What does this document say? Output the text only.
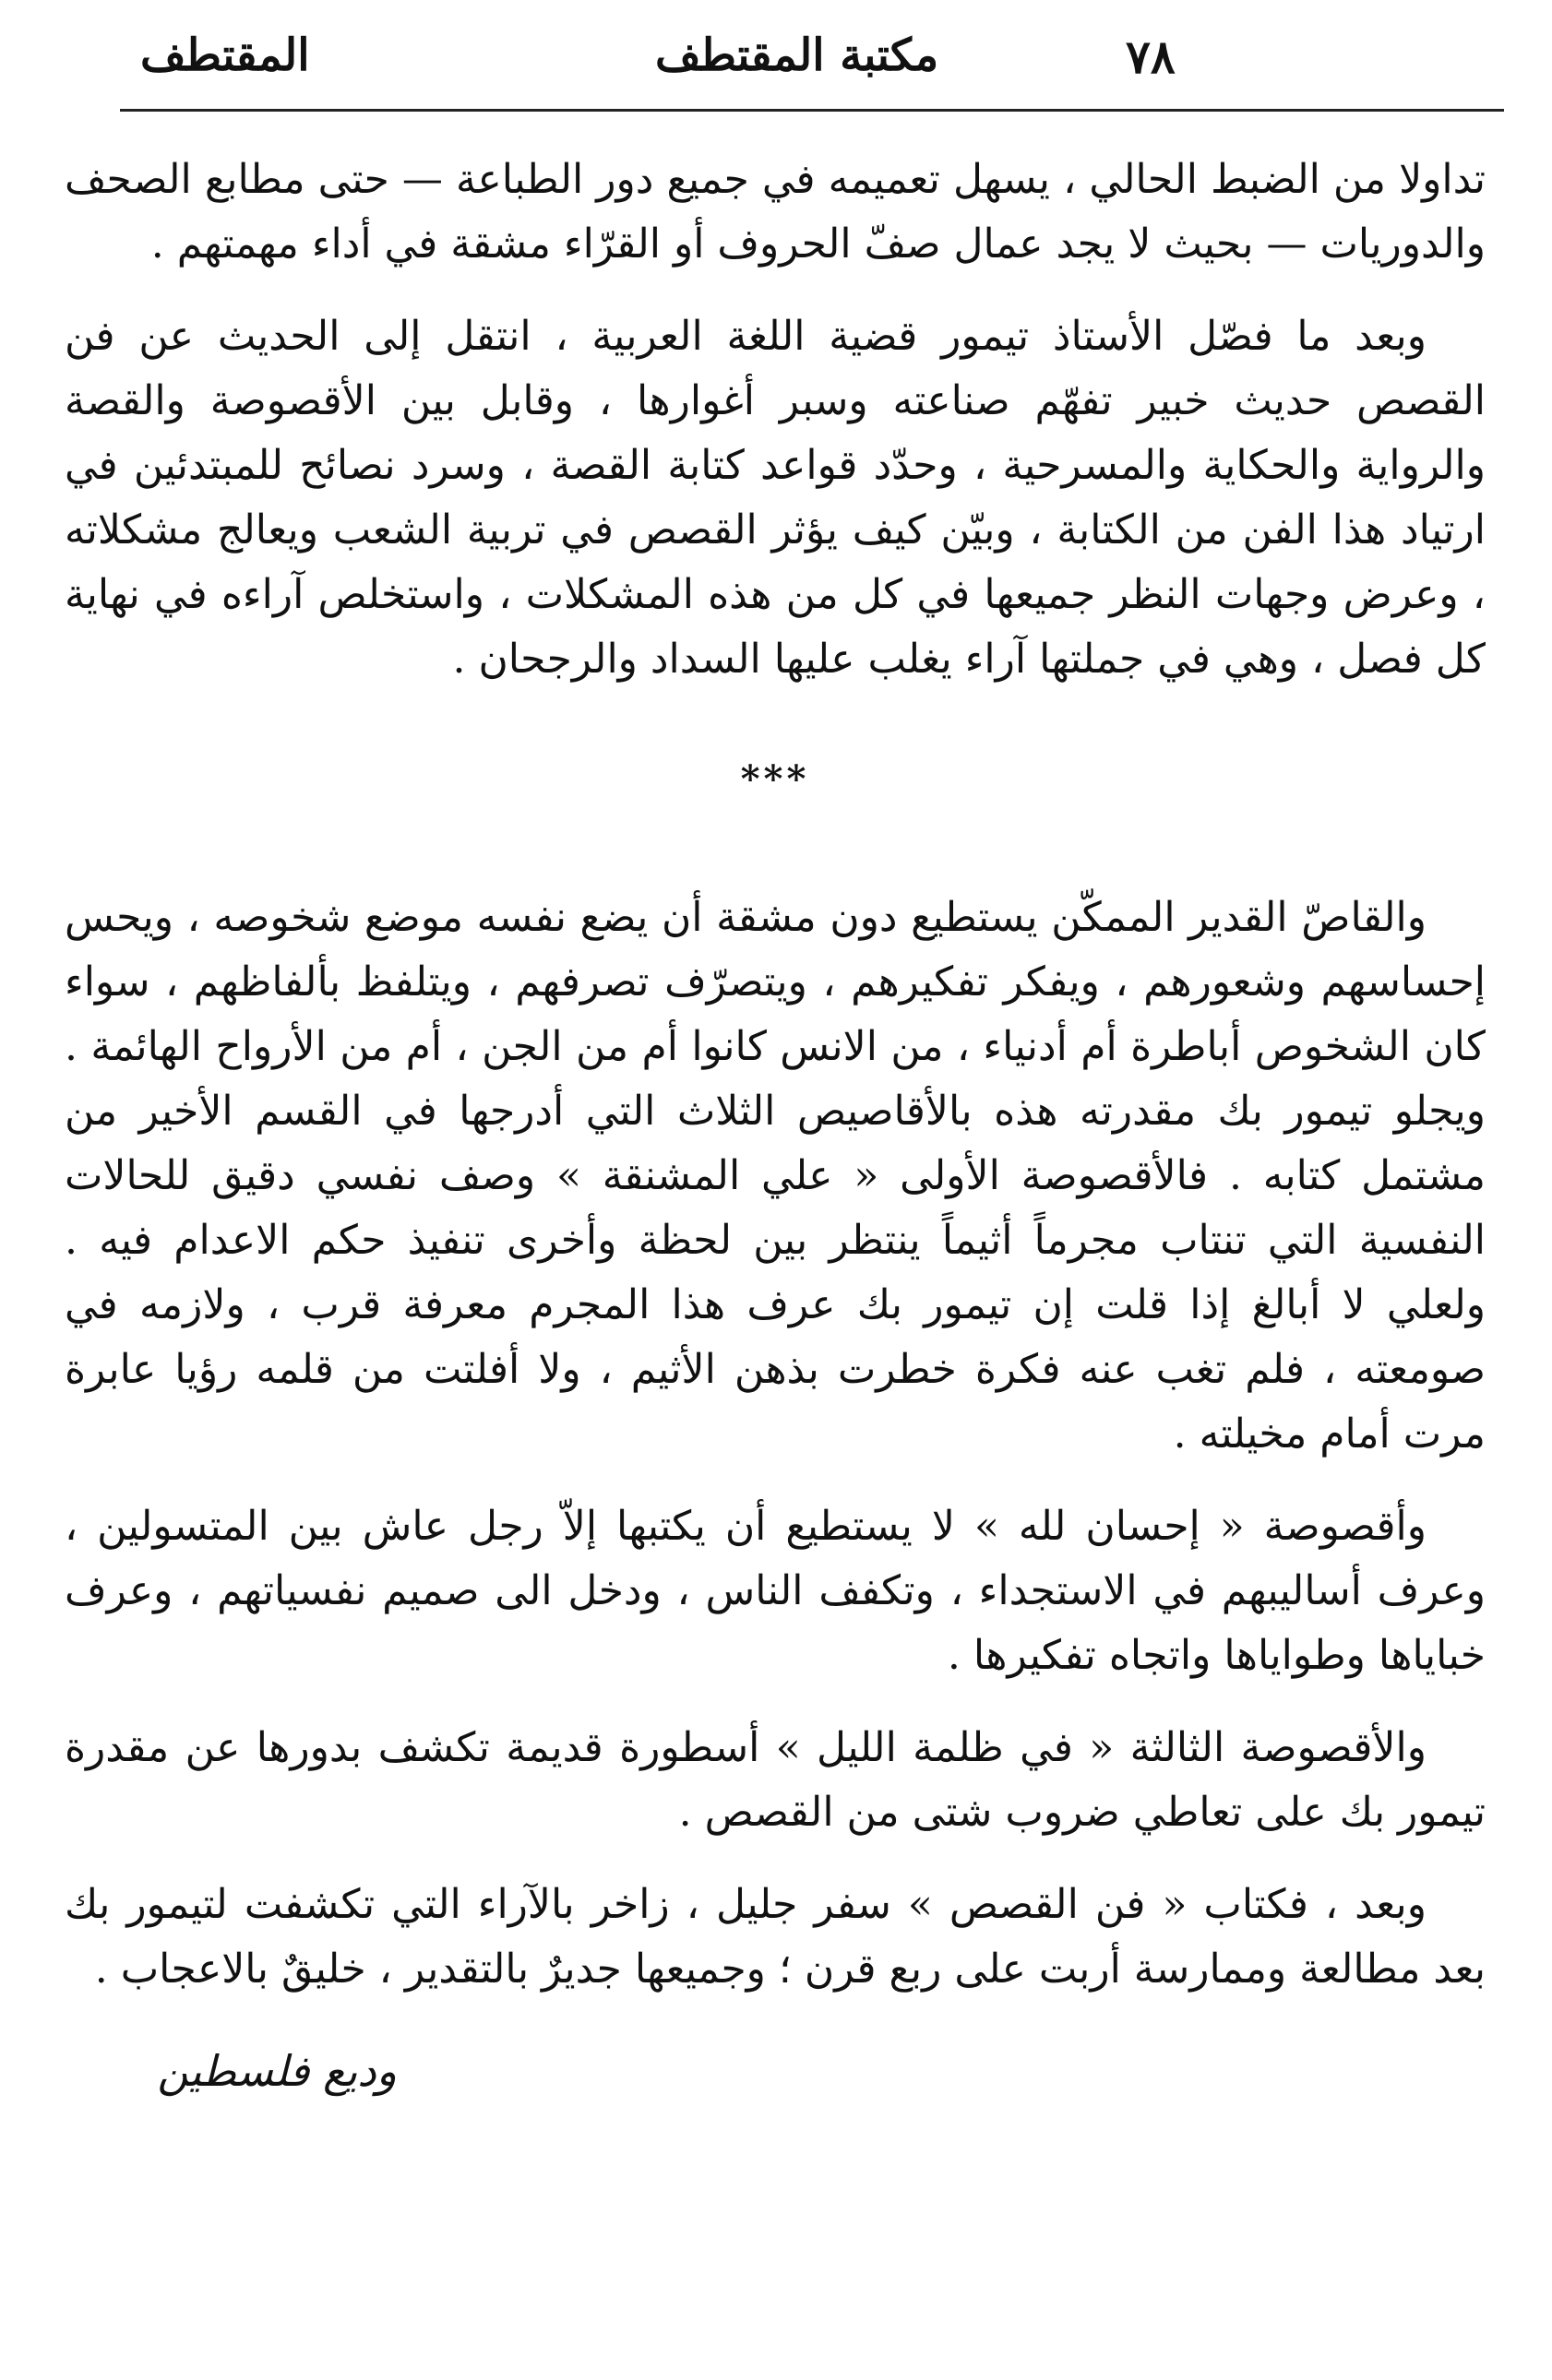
٧٨
مكتبة المقتطف
المقتطف

تداولا من الضبط الحالي ، يسهل تعميمه في جميع دور الطباعة — حتى مطابع الصحف والدوريات — بحيث لا يجد عمال صفّ الحروف أو القرّاء مشقة في أداء مهمتهم .

وبعد ما فصّل الأستاذ تيمور قضية اللغة العربية ، انتقل إلى الحديث عن فن القصص حديث خبير تفهّم صناعته وسبر أغوارها ، وقابل بين الأقصوصة والقصة والرواية والحكاية والمسرحية ، وحدّد قواعد كتابة القصة ، وسرد نصائح للمبتدئين في ارتياد هذا الفن من الكتابة ، وبيّن كيف يؤثر القصص في تربية الشعب ويعالج مشكلاته ، وعرض وجهات النظر جميعها في كل من هذه المشكلات ، واستخلص آراءه في نهاية كل فصل ، وهي في جملتها آراء يغلب عليها السداد والرجحان .

***

والقاصّ القدير الممكّن يستطيع دون مشقة أن يضع نفسه موضع شخوصه ، ويحس إحساسهم وشعورهم ، ويفكر تفكيرهم ، ويتصرّف تصرفهم ، ويتلفظ بألفاظهم ، سواء كان الشخوص أباطرة أم أدنياء ، من الانس كانوا أم من الجن ، أم من الأرواح الهائمة . ويجلو تيمور بك مقدرته هذه بالأقاصيص الثلاث التي أدرجها في القسم الأخير من مشتمل كتابه . فالأقصوصة الأولى « علي المشنقة » وصف نفسي دقيق للحالات النفسية التي تنتاب مجرماً أثيماً ينتظر بين لحظة وأخرى تنفيذ حكم الاعدام فيه . ولعلي لا أبالغ إذا قلت إن تيمور بك عرف هذا المجرم معرفة قرب ، ولازمه في صومعته ، فلم تغب عنه فكرة خطرت بذهن الأثيم ، ولا أفلتت من قلمه رؤيا عابرة مرت أمام مخيلته .

وأقصوصة « إحسان لله » لا يستطيع أن يكتبها إلاّ رجل عاش بين المتسولين ، وعرف أساليبهم في الاستجداء ، وتكفف الناس ، ودخل الى صميم نفسياتهم ، وعرف خباياها وطواياها واتجاه تفكيرها .

والأقصوصة الثالثة « في ظلمة الليل » أسطورة قديمة تكشف بدورها عن مقدرة تيمور بك على تعاطي ضروب شتى من القصص .

وبعد ، فكتاب « فن القصص » سفر جليل ، زاخر بالآراء التي تكشفت لتيمور بك بعد مطالعة وممارسة أربت على ربع قرن ؛ وجميعها جديرٌ بالتقدير ، خليقٌ بالاعجاب .

وديع فلسطين
